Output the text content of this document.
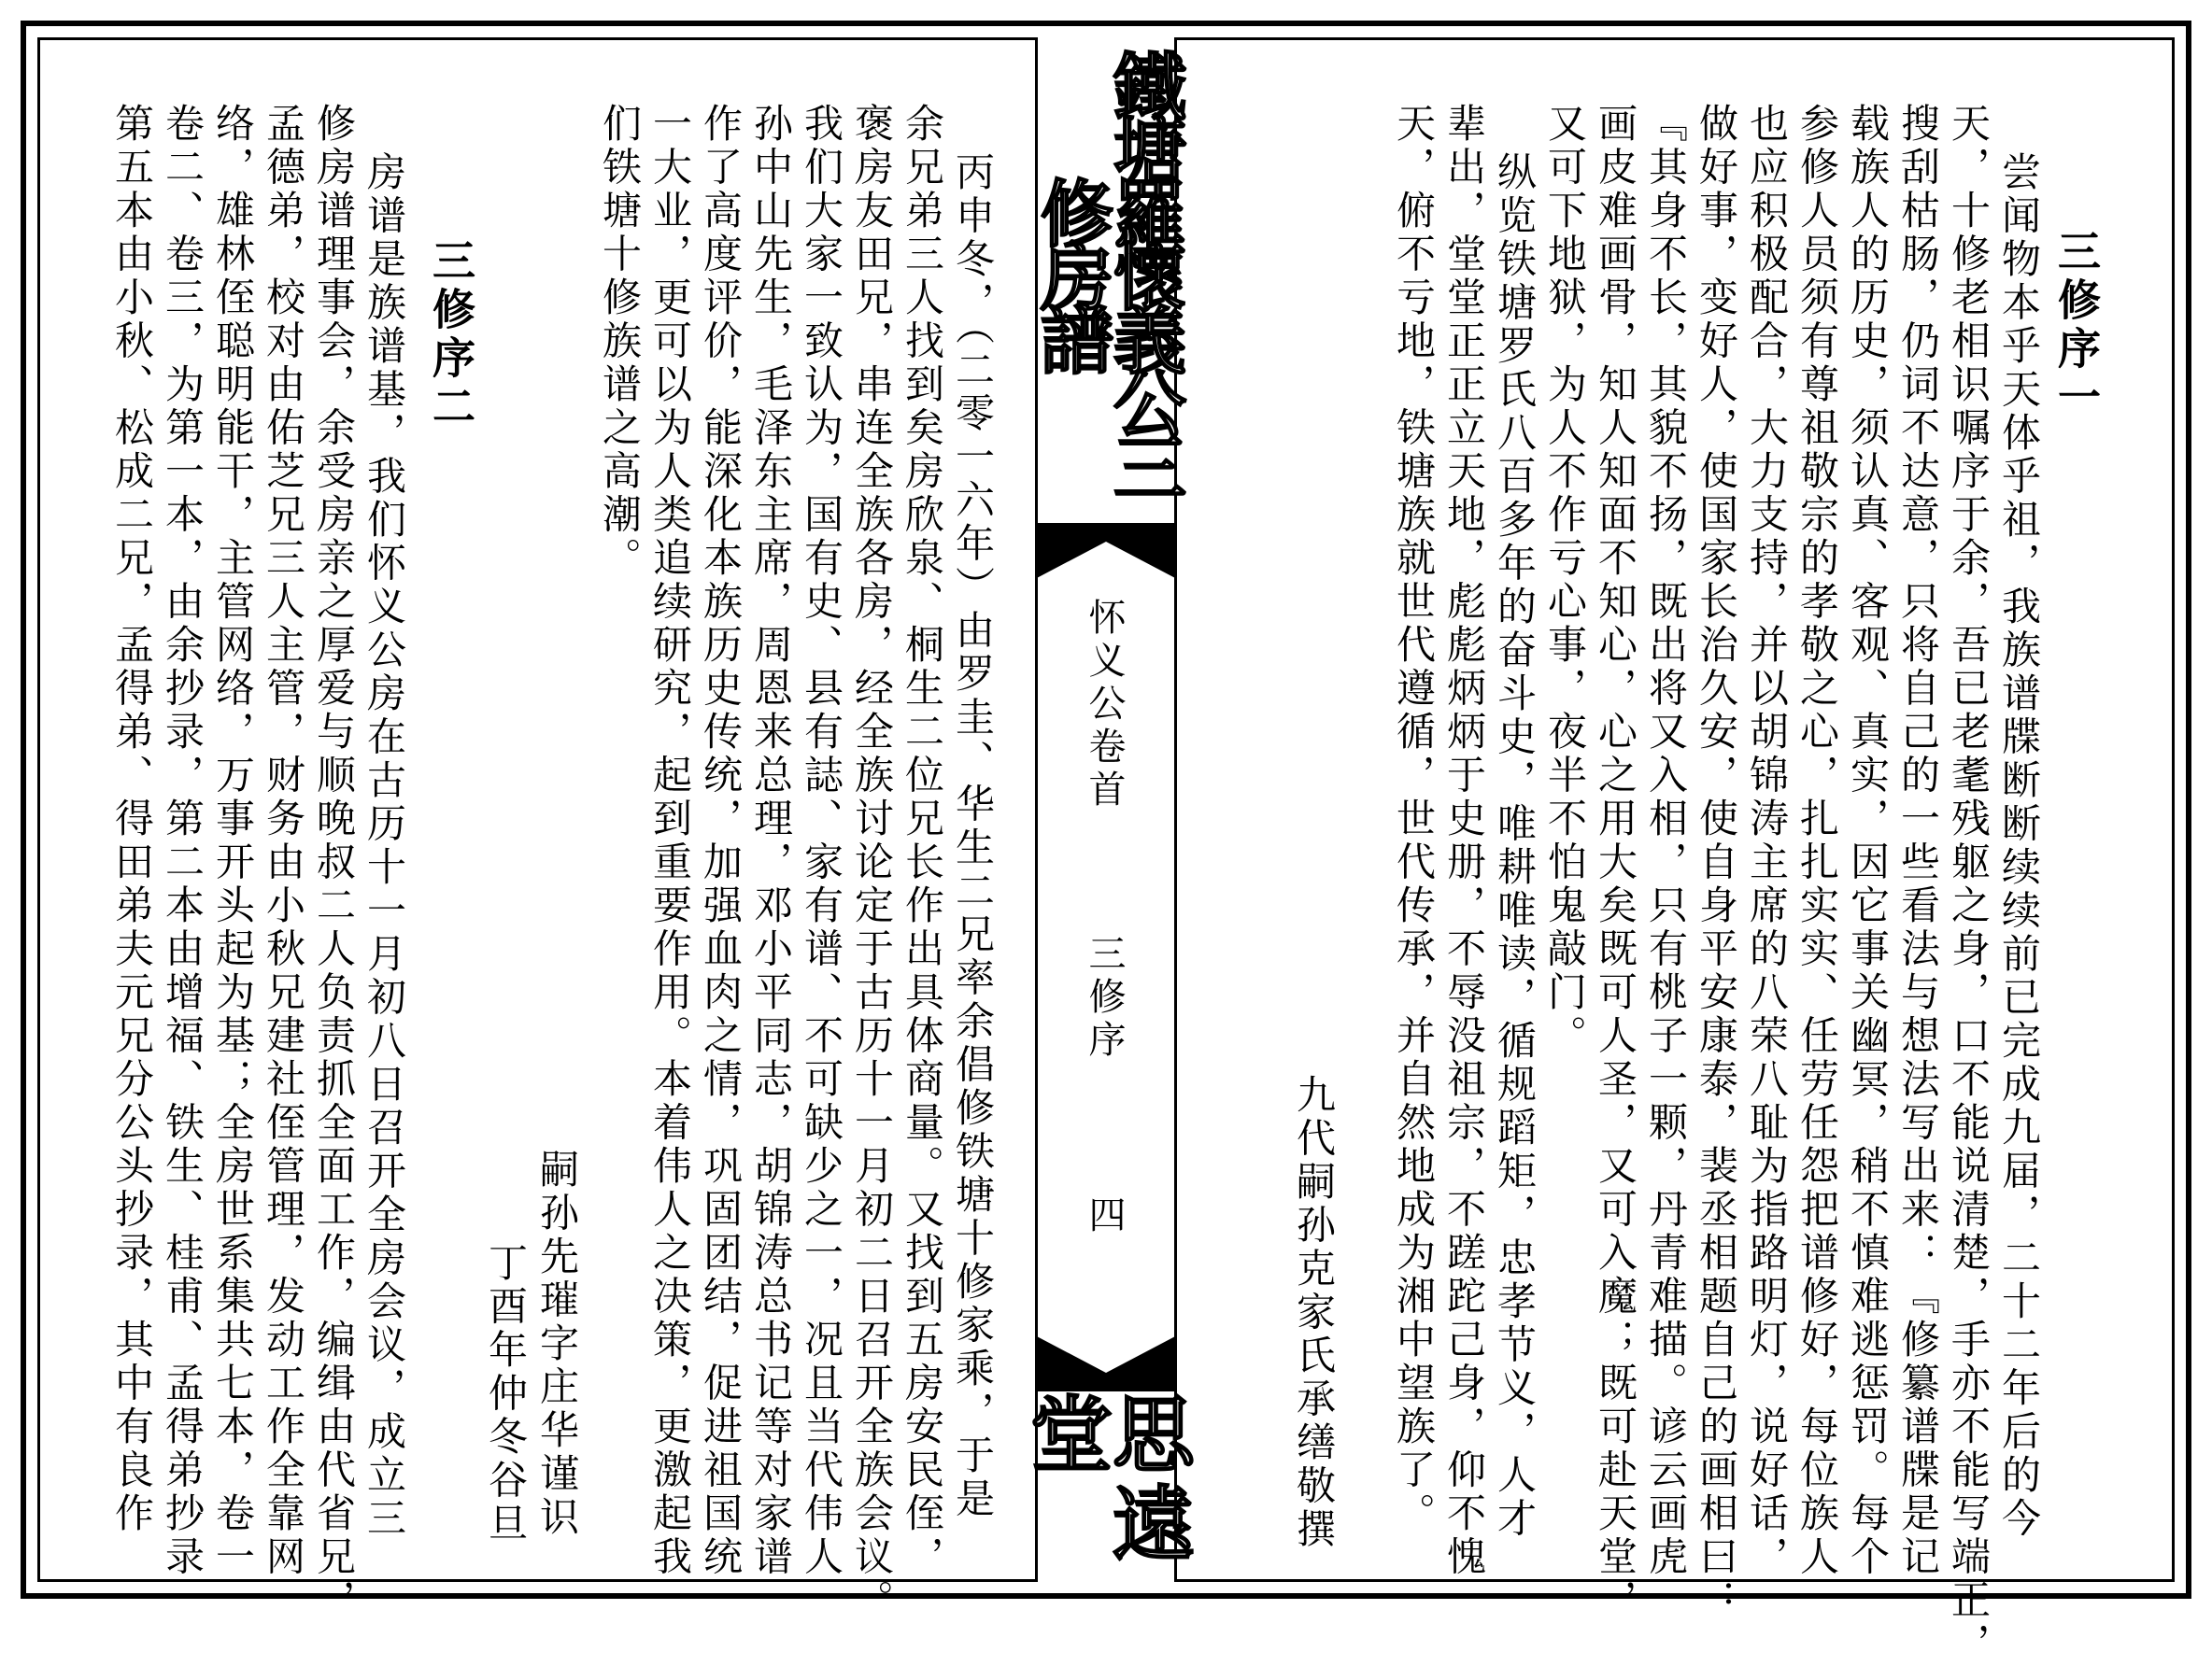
鐵塘羅懷義公三修房譜
怀义公卷首
三修序
四
思遠堂
三修序一
尝闻物本乎天体乎祖，我族谱牒断断续续前已完成九届，二十二年后的今
天，十修老相识嘱序于余，吾已老耄残躯之身，口不能说清楚，手亦不能写端正，
搜刮枯肠，仍词不达意，只将自己的一些看法与想法写出来：『修纂谱牒是记
载族人的历史，须认真、客观、真实，因它事关幽冥，稍不慎难逃惩罚。每个
参修人员须有尊祖敬宗的孝敬之心，扎扎实实、任劳任怨把谱修好，每位族人
也应积极配合，大力支持，并以胡锦涛主席的八荣八耻为指路明灯，说好话，
做好事，变好人，使国家长治久安，使自身平安康泰，裴丞相题自己的画相曰：
『其身不长，其貌不扬，既出将又入相，只有桃子一颗，丹青难描。谚云画虎
画皮难画骨，知人知面不知心，心之用大矣既可人圣，又可入魔；既可赴天堂，
又可下地狱，为人不作亏心事，夜半不怕鬼敲门。
纵览铁塘罗氏八百多年的奋斗史，唯耕唯读，循规蹈矩，忠孝节义，人才
辈出，堂堂正正立天地，彪彪炳炳于史册，不辱没祖宗，不蹉跎己身，仰不愧
天，俯不亏地，铁塘族就世代遵循，世代传承，并自然地成为湘中望族了。
九代嗣孙克家氏承缮敬撰
丙申冬，（二零一六年）由罗圭、华生二兄率余倡修铁塘十修家乘，于是
余兄弟三人找到矣房欣泉、桐生二位兄长作出具体商量。又找到五房安民侄，
褒房友田兄，串连全族各房，经全族讨论定于古历十一月初二日召开全族会议。
我们大家一致认为，国有史、县有誌、家有谱、不可缺少之一，况且当代伟人
孙中山先生，毛泽东主席，周恩来总理，邓小平同志，胡锦涛总书记等对家谱
作了高度评价，能深化本族历史传统，加强血肉之情，巩固团结，促进祖国统
一大业，更可以为人类追续研究，起到重要作用。本着伟人之决策，更激起我
们铁塘十修族谱之高潮。
嗣孙先璀字庄华谨识
丁酉年仲冬谷旦
三修序二
房谱是族谱基，我们怀义公房在古历十一月初八日召开全房会议，成立三
修房谱理事会，余受房亲之厚爱与顺晚叔二人负责抓全面工作，编缉由代省兄，
孟德弟，校对由佑芝兄三人主管，财务由小秋兄建社侄管理，发动工作全靠网
络，雄林侄聪明能干，主管网络，万事开头起为基；全房世系集共七本，卷一
卷二、卷三，为第一本，由余抄录，第二本由增福、铁生、桂甫、孟得弟抄录
第五本由小秋、松成二兄，孟得弟、得田弟夫元兄分公头抄录，其中有良作
